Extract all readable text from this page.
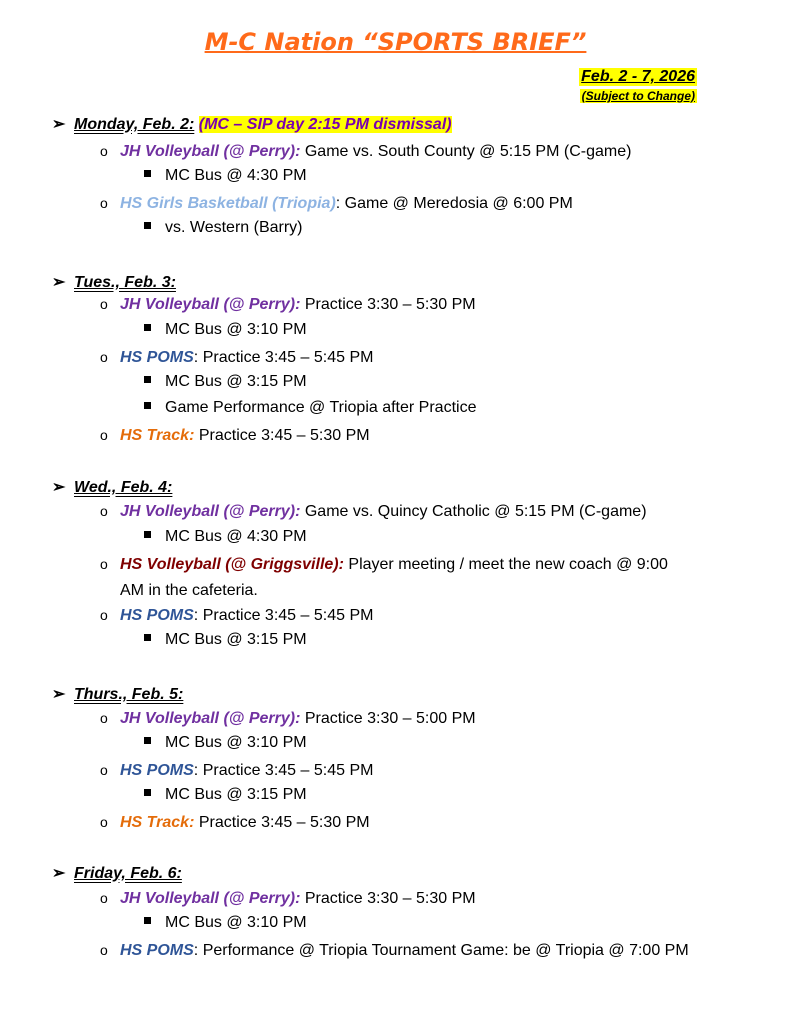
M-C Nation “SPORTS BRIEF”
Feb. 2 - 7, 2026
(Subject to Change)
➢ Monday, Feb. 2: (MC – SIP day 2:15 PM dismissal)
o JH Volleyball (@ Perry): Game vs. South County @ 5:15 PM (C-game)
MC Bus @ 4:30 PM
o HS Girls Basketball (Triopia): Game @ Meredosia @ 6:00 PM
vs. Western (Barry)
➢ Tues., Feb. 3:
o JH Volleyball (@ Perry): Practice 3:30 – 5:30 PM
MC Bus @ 3:10 PM
o HS POMS: Practice 3:45 – 5:45 PM
MC Bus @ 3:15 PM
Game Performance @ Triopia after Practice
o HS Track: Practice 3:45 – 5:30 PM
➢ Wed., Feb. 4:
o JH Volleyball (@ Perry): Game vs. Quincy Catholic @ 5:15 PM (C-game)
MC Bus @ 4:30 PM
o HS Volleyball (@ Griggsville): Player meeting / meet the new coach @ 9:00
AM in the cafeteria.
o HS POMS: Practice 3:45 – 5:45 PM
MC Bus @ 3:15 PM
➢ Thurs., Feb. 5:
o JH Volleyball (@ Perry): Practice 3:30 – 5:00 PM
MC Bus @ 3:10 PM
o HS POMS: Practice 3:45 – 5:45 PM
MC Bus @ 3:15 PM
o HS Track: Practice 3:45 – 5:30 PM
➢ Friday, Feb. 6:
o JH Volleyball (@ Perry): Practice 3:30 – 5:30 PM
MC Bus @ 3:10 PM
o HS POMS: Performance @ Triopia Tournament Game: be @ Triopia @ 7:00 PM
